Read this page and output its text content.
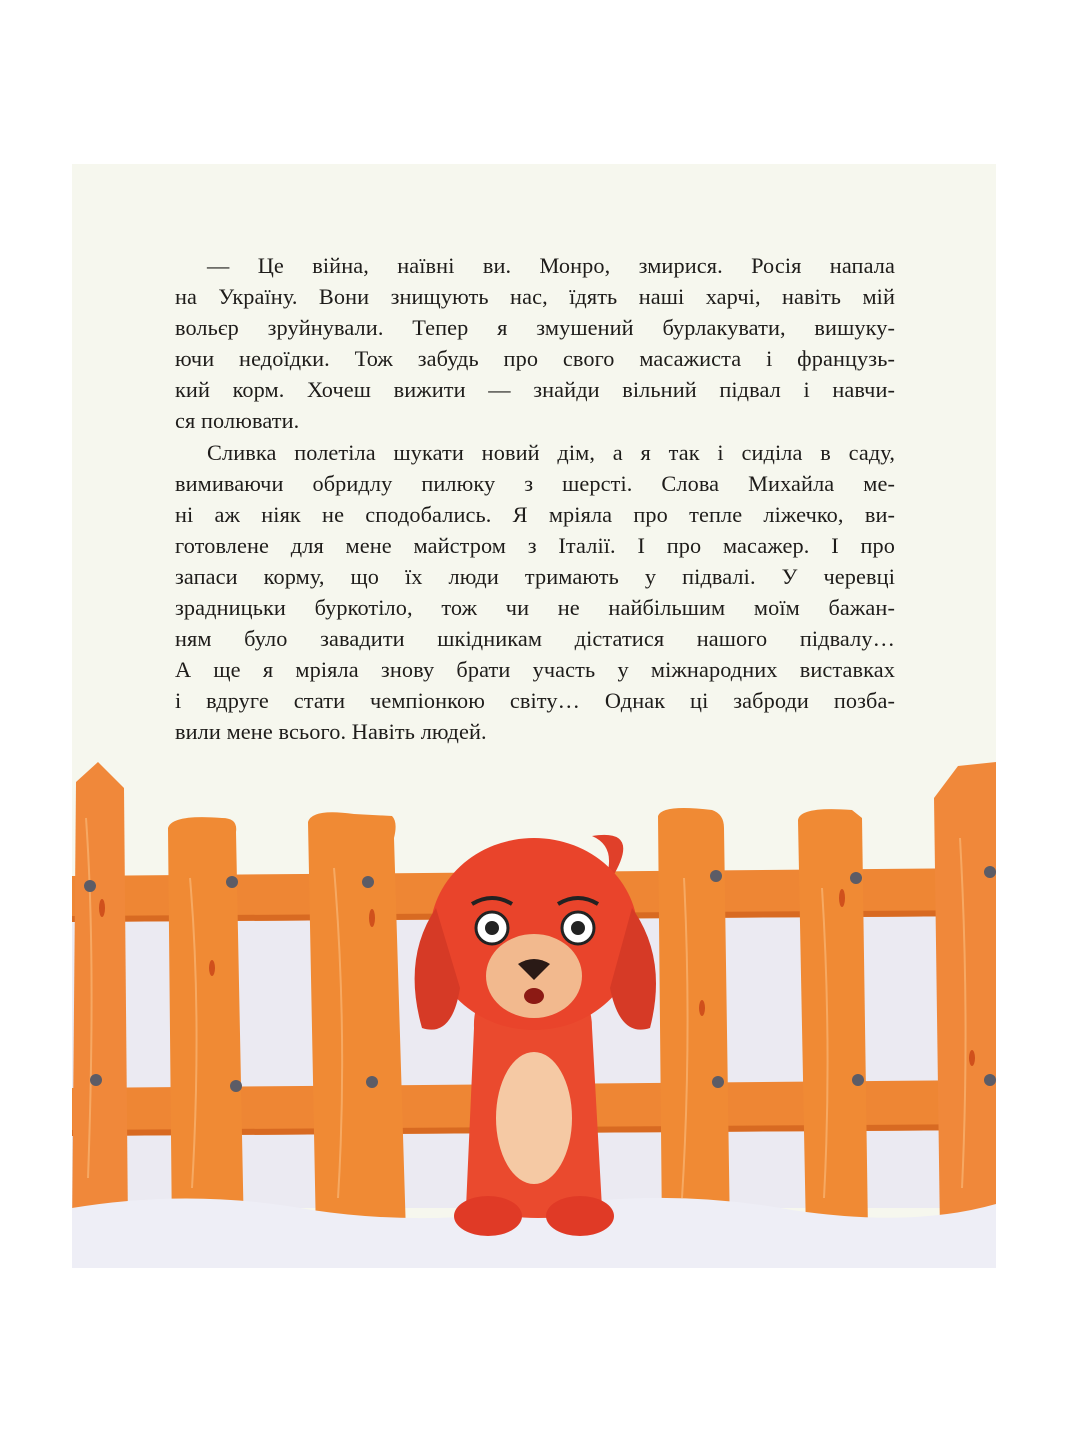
— Це війна, наївні ви. Монро, змирися. Росія напала
на Україну. Вони знищують нас, їдять наші харчі, навіть мій
вольєр зруйнували. Тепер я змушений бурлакувати, вишуку-
ючи недоїдки. Тож забудь про свого масажиста і французь-
кий корм. Хочеш вижити — знайди вільний підвал і навчи-
ся полювати.
Сливка полетіла шукати новий дім, а я так і сиділа в саду,
вимиваючи обридлу пилюку з шерсті. Слова Михайла ме-
ні аж ніяк не сподобались. Я мріяла про тепле ліжечко, ви-
готовлене для мене майстром з Італії. І про масажер. І про
запаси корму, що їх люди тримають у підвалі. У черевці
зрадницьки буркотіло, тож чи не найбільшим моїм бажан-
ням було завадити шкідникам дістатися нашого підвалу…
А ще я мріяла знову брати участь у міжнародних виставках
і вдруге стати чемпіонкою світу… Однак ці заброди позба-
вили мене всього. Навіть людей.
